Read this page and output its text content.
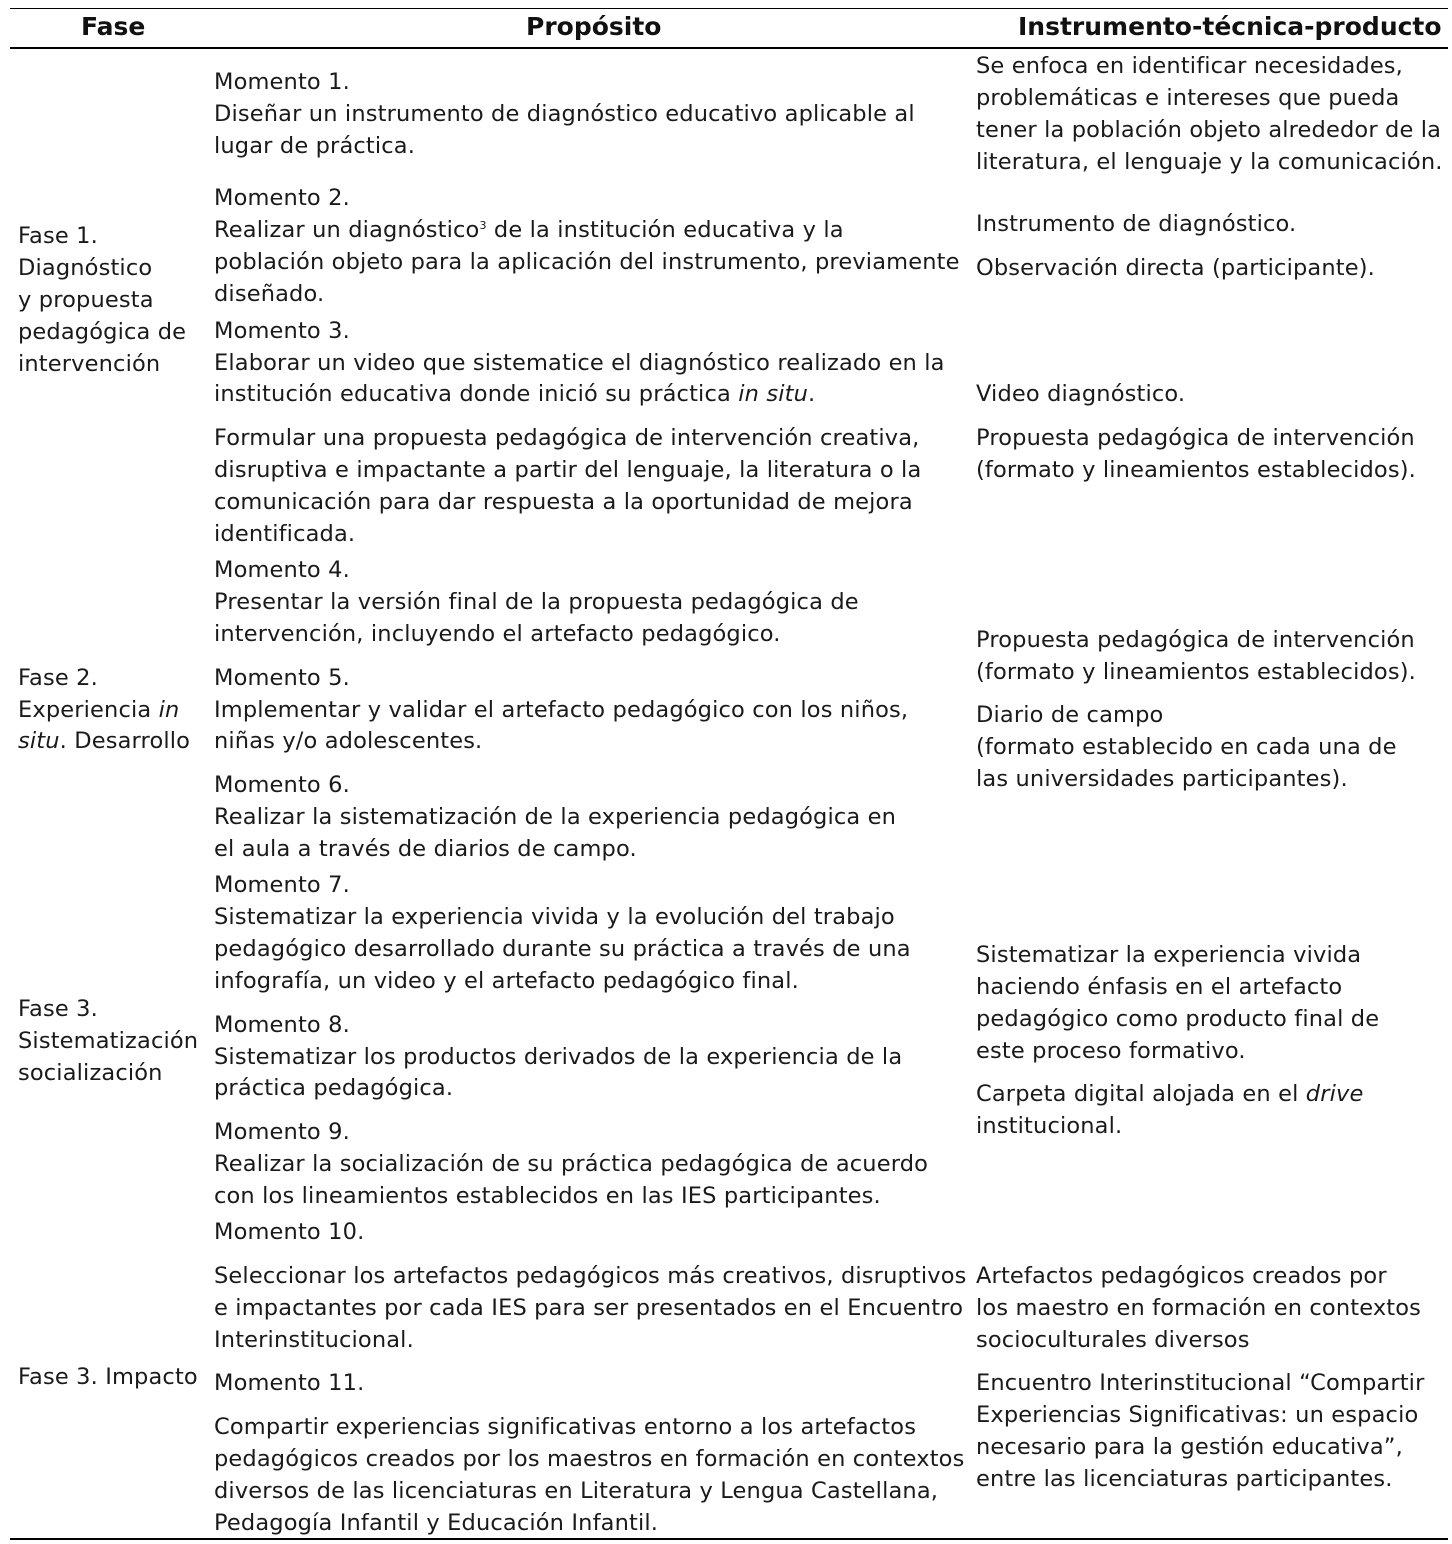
Fase	Propósito	Instrumento-técnica-producto
Fase 1.
Diagnóstico
y propuesta
pedagógica de
intervención
Fase 2.
Experiencia in
situ. Desarrollo
Fase 3.
Sistematización
socialización
Fase 3. Impacto
Momento 1.
Diseñar un instrumento de diagnóstico educativo aplicable al
lugar de práctica.
Momento 2.
Realizar un diagnóstico$^3$ de la institución educativa y la
población objeto para la aplicación del instrumento, previamente
diseñado.
Momento 3.
Elaborar un video que sistematice el diagnóstico realizado en la
institución educativa donde inició su práctica in situ.
Formular una propuesta pedagógica de intervención creativa,
disruptiva e impactante a partir del lenguaje, la literatura o la
comunicación para dar respuesta a la oportunidad de mejora
identificada.
Momento 4.
Presentar la versión final de la propuesta pedagógica de
intervención, incluyendo el artefacto pedagógico.
Momento 5.
Implementar y validar el artefacto pedagógico con los niños,
niñas y/o adolescentes.
Momento 6.
Realizar la sistematización de la experiencia pedagógica en
el aula a través de diarios de campo.
Momento 7.
Sistematizar la experiencia vivida y la evolución del trabajo
pedagógico desarrollado durante su práctica a través de una
infografía, un video y el artefacto pedagógico final.
Momento 8.
Sistematizar los productos derivados de la experiencia de la
práctica pedagógica.
Momento 9.
Realizar la socialización de su práctica pedagógica de acuerdo
con los lineamientos establecidos en las IES participantes.
Momento 10.
Seleccionar los artefactos pedagógicos más creativos, disruptivos
e impactantes por cada IES para ser presentados en el Encuentro
Interinstitucional.
Momento 11.
Compartir experiencias significativas entorno a los artefactos
pedagógicos creados por los maestros en formación en contextos
diversos de las licenciaturas en Literatura y Lengua Castellana,
Pedagogía Infantil y Educación Infantil.
Se enfoca en identificar necesidades,
problemáticas e intereses que pueda
tener la población objeto alrededor de la
literatura, el lenguaje y la comunicación.
Instrumento de diagnóstico.
Observación directa (participante).
Video diagnóstico.
Propuesta pedagógica de intervención
(formato y lineamientos establecidos).
Propuesta pedagógica de intervención
(formato y lineamientos establecidos).
Diario de campo
(formato establecido en cada una de
las universidades participantes).
Sistematizar la experiencia vivida
haciendo énfasis en el artefacto
pedagógico como producto final de
este proceso formativo.
Carpeta digital alojada en el drive
institucional.
Artefactos pedagógicos creados por
los maestro en formación en contextos
socioculturales diversos
Encuentro Interinstitucional “Compartir
Experiencias Significativas: un espacio
necesario para la gestión educativa”,
entre las licenciaturas participantes.
